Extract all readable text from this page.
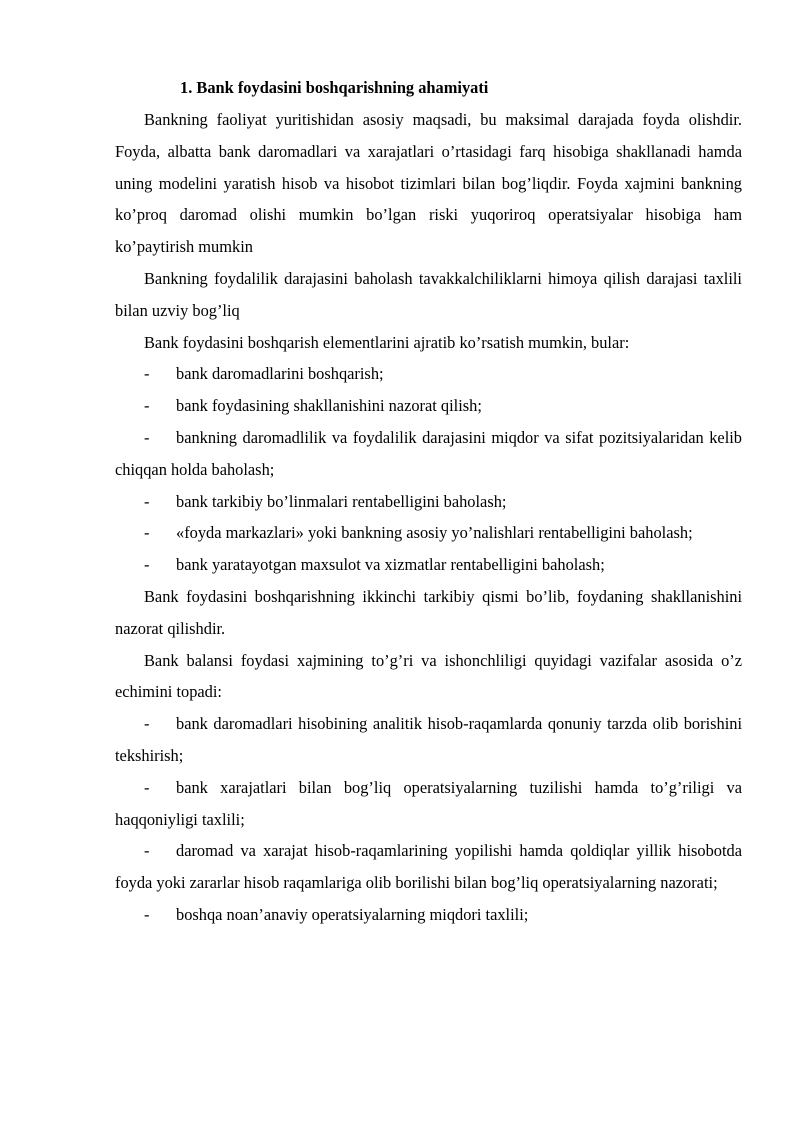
1. Bank foydasini boshqarishning ahamiyati

Bankning faoliyat yuritishidan asosiy maqsadi, bu maksimal darajada foyda olishdir. Foyda, albatta bank daromadlari va xarajatlari o’rtasidagi farq hisobiga shakllanadi hamda uning modelini yaratish hisob va hisobot tizimlari bilan bog’liqdir. Foyda xajmini bankning ko’proq daromad olishi mumkin bo’lgan riski yuqoriroq operatsiyalar hisobiga ham ko’paytirish mumkin

Bankning foydalilik darajasini baholash tavakkalchiliklarni himoya qilish darajasi taxlili bilan uzviy bog’liq

Bank foydasini boshqarish elementlarini ajratib ko’rsatish mumkin, bular:

- bank daromadlarini boshqarish;

- bank foydasining shakllanishini nazorat qilish;

- bankning daromadlilik va foydalilik darajasini miqdor va sifat pozitsiyalaridan kelib chiqqan holda baholash;

- bank tarkibiy bo’linmalari rentabelligini baholash;

- «foyda markazlari» yoki bankning asosiy yo’nalishlari rentabelligini baholash;

- bank yaratayotgan maxsulot va xizmatlar rentabelligini baholash;

Bank foydasini boshqarishning ikkinchi tarkibiy qismi bo’lib, foydaning shakllanishini nazorat qilishdir.

Bank balansi foydasi xajmining to’g’ri va ishonchliligi quyidagi vazifalar asosida o’z echimini topadi:

- bank daromadlari hisobining analitik hisob-raqamlarda qonuniy tarzda olib borishini tekshirish;

- bank xarajatlari bilan bog’liq operatsiyalarning tuzilishi hamda to’g’riligi va haqqoniyligi taxlili;

- daromad va xarajat hisob-raqamlarining yopilishi hamda qoldiqlar yillik hisobotda foyda yoki zararlar hisob raqamlariga olib borilishi bilan bog’liq operatsiyalarning nazorati;

- boshqa noan’anaviy operatsiyalarning miqdori taxlili;
